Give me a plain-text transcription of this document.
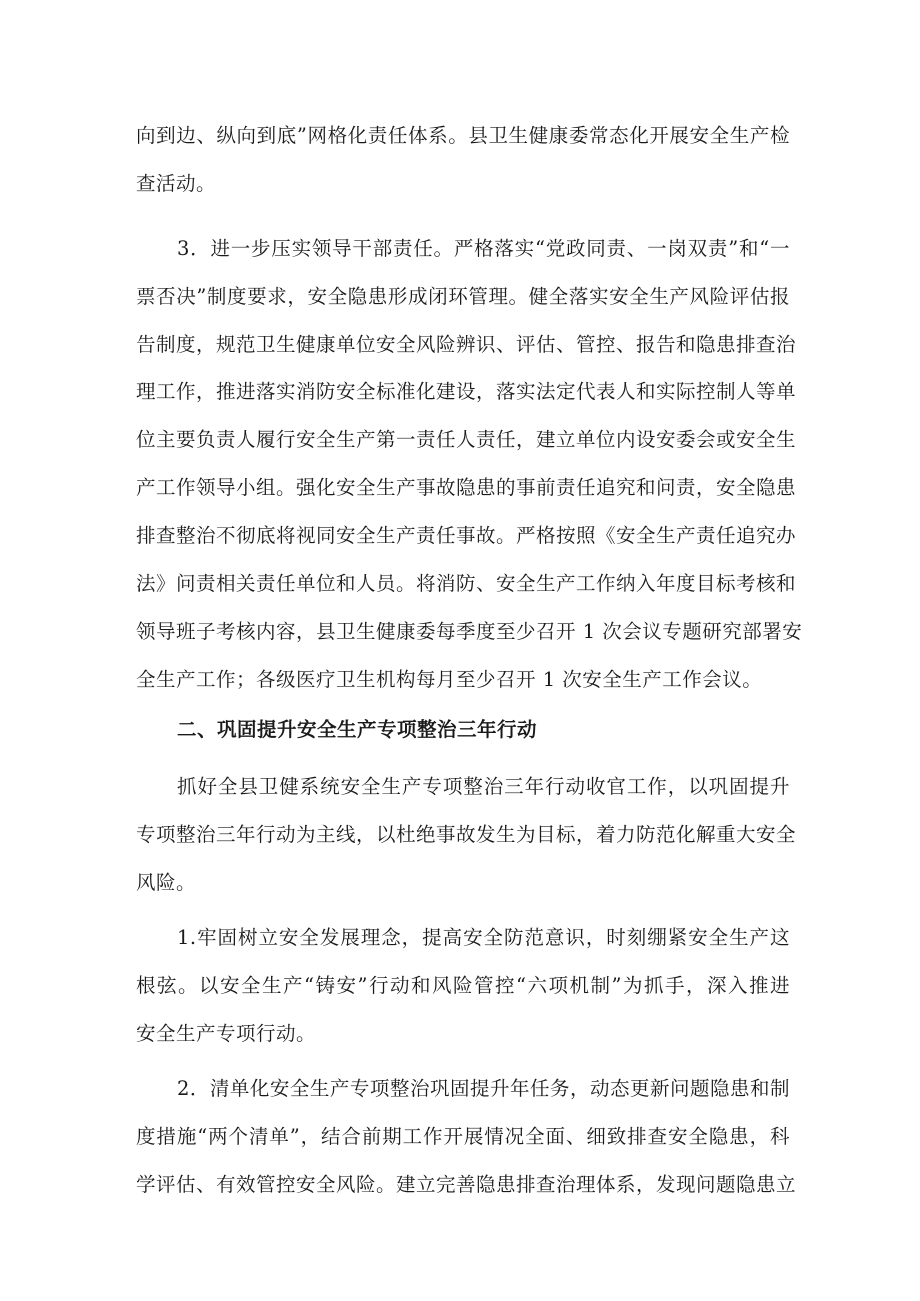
向到边、纵向到底”网格化责任体系。县卫生健康委常态化开展安全生产检
查活动。
3．进一步压实领导干部责任。严格落实“党政同责、一岗双责”和“一
票否决”制度要求，安全隐患形成闭环管理。健全落实安全生产风险评估报
告制度，规范卫生健康单位安全风险辨识、评估、管控、报告和隐患排查治
理工作，推进落实消防安全标准化建设，落实法定代表人和实际控制人等单
位主要负责人履行安全生产第一责任人责任，建立单位内设安委会或安全生
产工作领导小组。强化安全生产事故隐患的事前责任追究和问责，安全隐患
排查整治不彻底将视同安全生产责任事故。严格按照《安全生产责任追究办
法》问责相关责任单位和人员。将消防、安全生产工作纳入年度目标考核和
领导班子考核内容，县卫生健康委每季度至少召开 1 次会议专题研究部署安
全生产工作；各级医疗卫生机构每月至少召开 1 次安全生产工作会议。
二、巩固提升安全生产专项整治三年行动
抓好全县卫健系统安全生产专项整治三年行动收官工作，以巩固提升
专项整治三年行动为主线，以杜绝事故发生为目标，着力防范化解重大安全
风险。
1.牢固树立安全发展理念，提高安全防范意识，时刻绷紧安全生产这
根弦。以安全生产“铸安”行动和风险管控“六项机制”为抓手，深入推进
安全生产专项行动。
2．清单化安全生产专项整治巩固提升年任务，动态更新问题隐患和制
度措施“两个清单”，结合前期工作开展情况全面、细致排查安全隐患，科
学评估、有效管控安全风险。建立完善隐患排查治理体系，发现问题隐患立
